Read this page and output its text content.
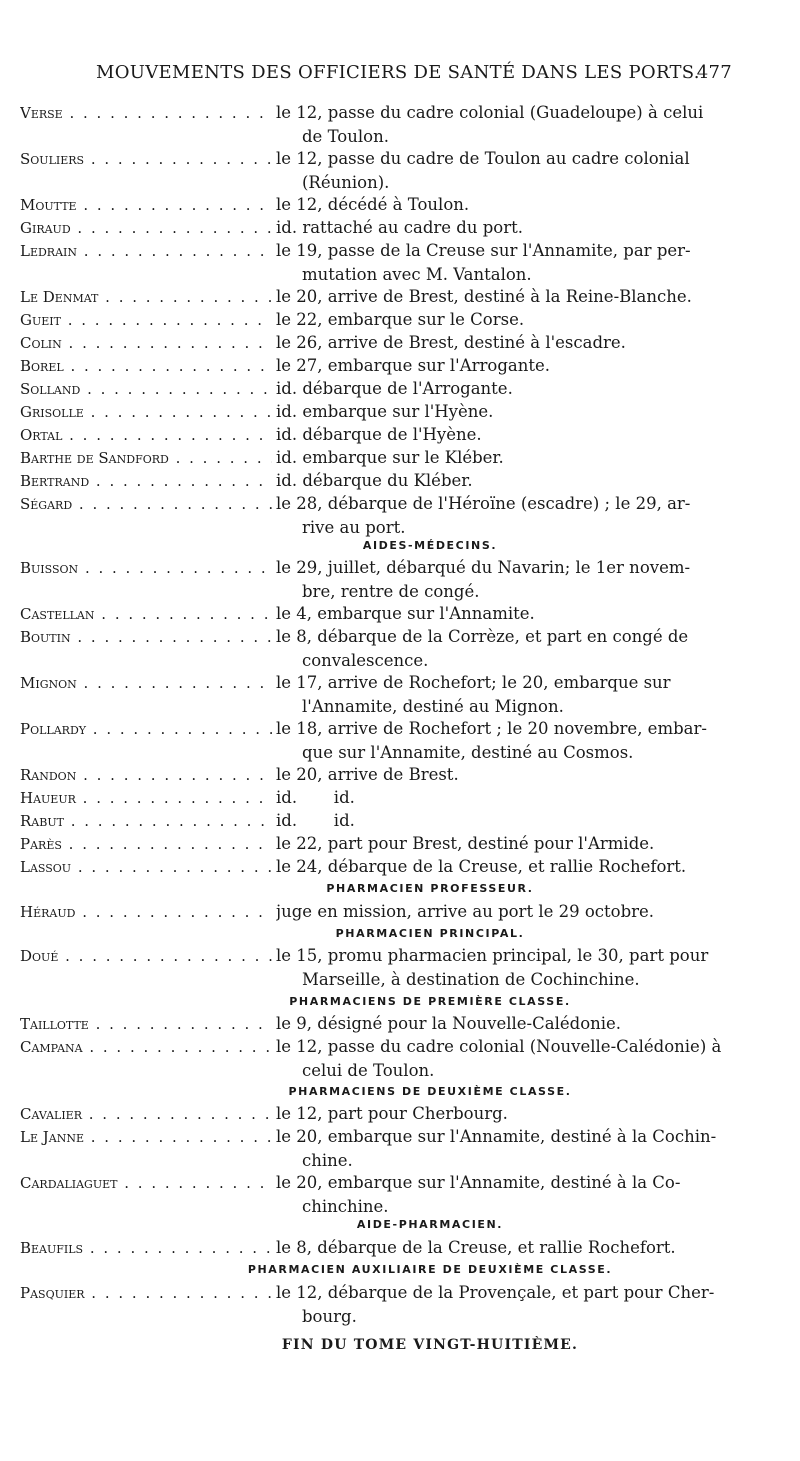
MOUVEMENTS DES OFFICIERS DE SANTÉ DANS LES PORTS.
477
Verse . . .	le 12, passe du cadre colonial (Guadeloupe) à celui
de Toulon.
Souliers . . .	le 12, passe du cadre de Toulon au cadre colonial
(Réunion).
Moutte . . .	le 12, décédé à Toulon.
Giraud . . .	id. rattaché au cadre du port.
Ledrain . . .	le 19, passe de la Creuse sur l'Annamite, par per-
mutation avec M. Vantalon.
Le Denmat . . .	le 20, arrive de Brest, destiné à la Reine-Blanche.
Gueit . . .	le 22, embarque sur le Corse.
Colin . . .	le 26, arrive de Brest, destiné à l'escadre.
Borel . . .	le 27, embarque sur l'Arrogante.
Solland . . .	id. débarque de l'Arrogante.
Grisolle . . .	id. embarque sur l'Hyène.
Ortal . . .	id. débarque de l'Hyène.
Barthe de Sandford . . .	id. embarque sur le Kléber.
Bertrand . . .	id. débarque du Kléber.
Ségard . . .	le 28, débarque de l'Héroïne (escadre) ; le 29, ar-
rive au port.
AIDES-MÉDECINS.
Buisson . . .	le 29, juillet, débarqué du Navarin; le 1er novem-
bre, rentre de congé.
Castellan . . .	le 4, embarque sur l'Annamite.
Boutin . . .	le 8, débarque de la Corrèze, et part en congé de
convalescence.
Mignon . . .	le 17, arrive de Rochefort; le 20, embarque sur
l'Annamite, destiné au Mignon.
Pollardy . . .	le 18, arrive de Rochefort ; le 20 novembre, embar-
que sur l'Annamite, destiné au Cosmos.
Randon . . .	le 20, arrive de Brest.
Haueur . . .	id.       id.
Rabut . . .	id.       id.
Parès . . .	le 22, part pour Brest, destiné pour l'Armide.
Lassou . . .	le 24, débarque de la Creuse, et rallie Rochefort.
PHARMACIEN PROFESSEUR.
Héraud . . .	juge en mission, arrive au port le 29 octobre.
PHARMACIEN PRINCIPAL.
Doué . . .	le 15, promu pharmacien principal, le 30, part pour
Marseille, à destination de Cochinchine.
PHARMACIENS DE PREMIÈRE CLASSE.
Taillotte . . .	le 9, désigné pour la Nouvelle-Calédonie.
Campana . . .	le 12, passe du cadre colonial (Nouvelle-Calédonie) à
celui de Toulon.
PHARMACIENS DE DEUXIÈME CLASSE.
Cavalier . . .	le 12, part pour Cherbourg.
Le Janne . . .	le 20, embarque sur l'Annamite, destiné à la Cochin-
chine.
Cardaliaguet . . .	le 20, embarque sur l'Annamite, destiné à la Co-
chinchine.
AIDE-PHARMACIEN.
Beaufils . . .	le 8, débarque de la Creuse, et rallie Rochefort.
PHARMACIEN AUXILIAIRE DE DEUXIÈME CLASSE.
Pasquier . . .	le 12, débarque de la Provençale, et part pour Cher-
bourg.
FIN DU TOME VINGT-HUITIÈME.
